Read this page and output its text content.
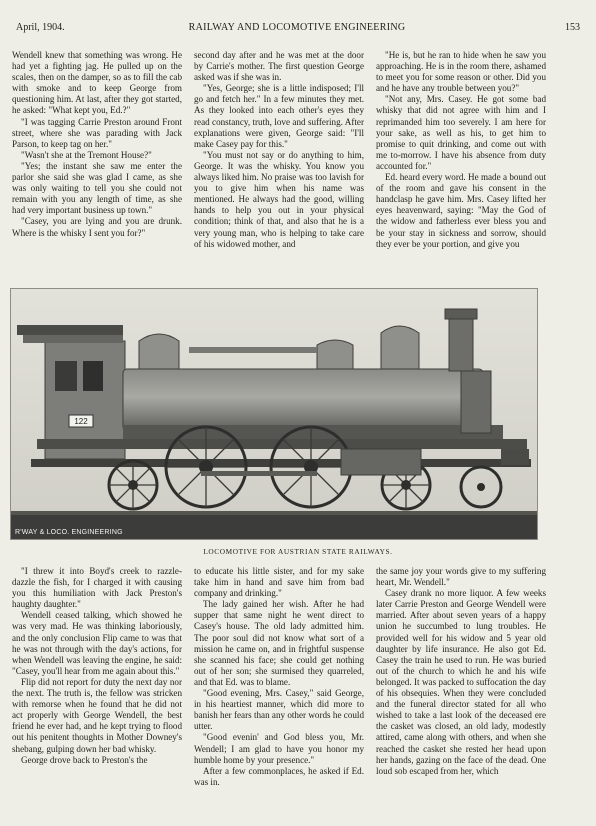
April, 1904.	RAILWAY AND LOCOMOTIVE ENGINEERING	153

Wendell knew that something was wrong. He had yet a fighting jag. He pulled up on the scales, then on the damper, so as to fill the cab with smoke and to keep George from questioning him. At last, after they got started, he asked: "What kept you, Ed.?"

"I was tagging Carrie Preston around Front street, where she was parading with Jack Parson, to keep tag on her."

"Wasn't she at the Tremont House?"

"Yes; the instant she saw me enter the parlor she said she was glad I came, as she was only waiting to tell you she could not remain with you any length of time, as she had very important business up town."

"Casey, you are lying and you are drunk. Where is the whisky I sent you for?"

second day after and he was met at the door by Carrie's mother. The first question George asked was if she was in.

"Yes, George; she is a little indisposed; I'll go and fetch her." In a few minutes they met. As they looked into each other's eyes they read constancy, truth, love and suffering. After explanations were given, George said: "I'll make Casey pay for this."

"You must not say or do anything to him, George. It was the whisky. You know you always liked him. No praise was too lavish for you to give him when his name was mentioned. He always had the good, willing hands to help you out in your physical condition; think of that, and also that he is a very young man, who is helping to take care of his widowed mother, and

"He is, but he ran to hide when he saw you approaching. He is in the room there, ashamed to meet you for some reason or other. Did you and he have any trouble between you?"

"Not any, Mrs. Casey. He got some bad whisky that did not agree with him and I reprimanded him too severely. I am here for your sake, as well as his, to get him to promise to quit drinking, and come out with me to-morrow. I have his absence from duty accounted for."

Ed. heard every word. He made a bound out of the room and gave his consent in the handclasp he gave him. Mrs. Casey lifted her eyes heavenward, saying: "May the God of the widow and fatherless ever bless you and be your stay in sickness and sorrow, should they ever be your portion, and give you

122
R'WAY & LOCO. ENGINEERING
LOCOMOTIVE FOR AUSTRIAN STATE RAILWAYS.

"I threw it into Boyd's creek to razzle-dazzle the fish, for I charged it with causing you this humiliation with Jack Preston's haughty daughter."

Wendell ceased talking, which showed he was very mad. He was thinking laboriously, and the only conclusion Flip came to was that he was not through with the day's actions, for when Wendell was leaving the engine, he said: "Casey, you'll hear from me again about this."

Flip did not report for duty the next day nor the next. The truth is, the fellow was stricken with remorse when he found that he did not act properly with George Wendell, the best friend he ever had, and he kept trying to flood out his penitent thoughts in Mother Downey's shebang, gulping down her bad whisky.

George drove back to Preston's the

to educate his little sister, and for my sake take him in hand and save him from bad company and drinking."

The lady gained her wish. After he had supper that same night he went direct to Casey's house. The old lady admitted him. The poor soul did not know what sort of a mission he came on, and in frightful suspense she scanned his face; she could get nothing out of her son; she surmised they quarreled, and that Ed. was to blame.

"Good evening, Mrs. Casey," said George, in his heartiest manner, which did more to banish her fears than any other words he could utter.

"Good evenin' and God bless you, Mr. Wendell; I am glad to have you honor my humble home by your presence."

After a few commonplaces, he asked if Ed. was in.

the same joy your words give to my suffering heart, Mr. Wendell."

Casey drank no more liquor. A few weeks later Carrie Preston and George Wendell were married. After about seven years of a happy union he succumbed to lung troubles. He provided well for his widow and 5 year old daughter by life insurance. He also got Ed. Casey the train he used to run. He was buried out of the church to which he and his wife belonged. It was packed to suffocation the day of his obsequies. When they were concluded and the funeral director stated for all who wished to take a last look of the deceased ere the casket was closed, an old lady, modestly attired, came along with others, and when she reached the casket she rested her head upon her hands, gazing on the face of the dead. One loud sob escaped from her, which
